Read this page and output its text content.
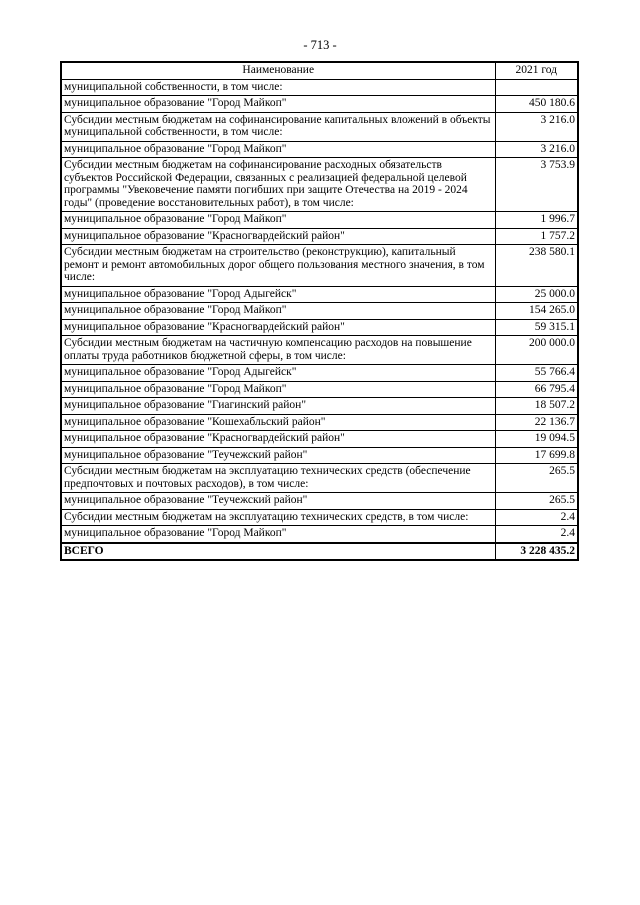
- 713 -
Наименование	2021 год
муниципальной собственности, в том числе:	
муниципальное образование "Город Майкоп"	450 180.6
Субсидии местным бюджетам на софинансирование капитальных вложений в объекты муниципальной собственности, в том числе:	3 216.0
муниципальное образование "Город Майкоп"	3 216.0
Субсидии местным бюджетам на софинансирование расходных обязательств субъектов Российской Федерации, связанных с реализацией федеральной целевой программы "Увековечение памяти погибших при защите Отечества на 2019 - 2024 годы" (проведение восстановительных работ), в том числе:	3 753.9
муниципальное образование "Город Майкоп"	1 996.7
муниципальное образование "Красногвардейский район"	1 757.2
Субсидии местным бюджетам на строительство (реконструкцию), капитальный ремонт и ремонт автомобильных дорог общего пользования местного значения, в том числе:	238 580.1
муниципальное образование "Город Адыгейск"	25 000.0
муниципальное образование "Город Майкоп"	154 265.0
муниципальное образование "Красногвардейский район"	59 315.1
Субсидии местным бюджетам на частичную компенсацию расходов на повышение оплаты труда работников бюджетной сферы, в том числе:	200 000.0
муниципальное образование "Город Адыгейск"	55 766.4
муниципальное образование "Город Майкоп"	66 795.4
муниципальное образование "Гиагинский район"	18 507.2
муниципальное образование "Кошехабльский район"	22 136.7
муниципальное образование "Красногвардейский район"	19 094.5
муниципальное образование "Теучежский район"	17 699.8
Субсидии местным бюджетам на эксплуатацию технических средств (обеспечение предпочтовых и почтовых расходов), в том числе:	265.5
муниципальное образование "Теучежский район"	265.5
Субсидии местным бюджетам на эксплуатацию технических средств, в том числе:	2.4
муниципальное образование "Город Майкоп"	2.4
ВСЕГО	3 228 435.2
